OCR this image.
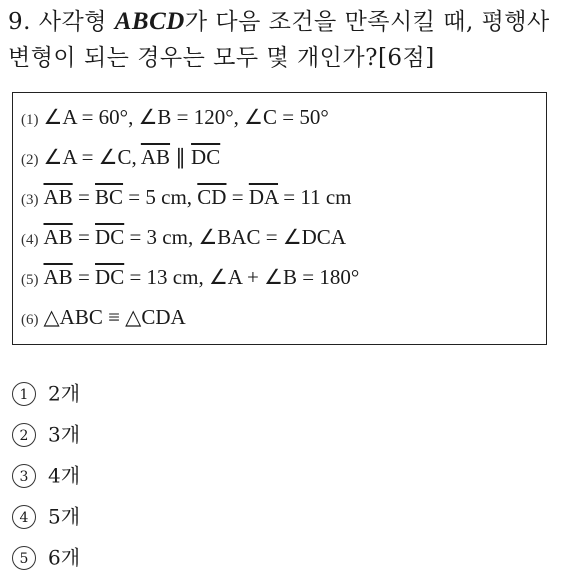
9. 사각형 ABCD가 다음 조건을 만족시킬 때, 평행사변형이 되는 경우는 모두 몇 개인가?[6점]
(1) ∠A = 60°, ∠B = 120°, ∠C = 50°
(2) ∠A = ∠C, $\overline{AB}$ ∥ $\overline{DC}$
(3) $\overline{AB} = \overline{BC} = 5$ cm, $\overline{CD} = \overline{DA} = 11$ cm
(4) $\overline{AB} = \overline{DC} = 3$ cm, ∠BAC = ∠DCA
(5) $\overline{AB} = \overline{DC} = 13$ cm, ∠A + ∠B = 180°
(6) △ABC ≡ △CDA
1 2개
2 3개
3 4개
4 5개
5 6개
